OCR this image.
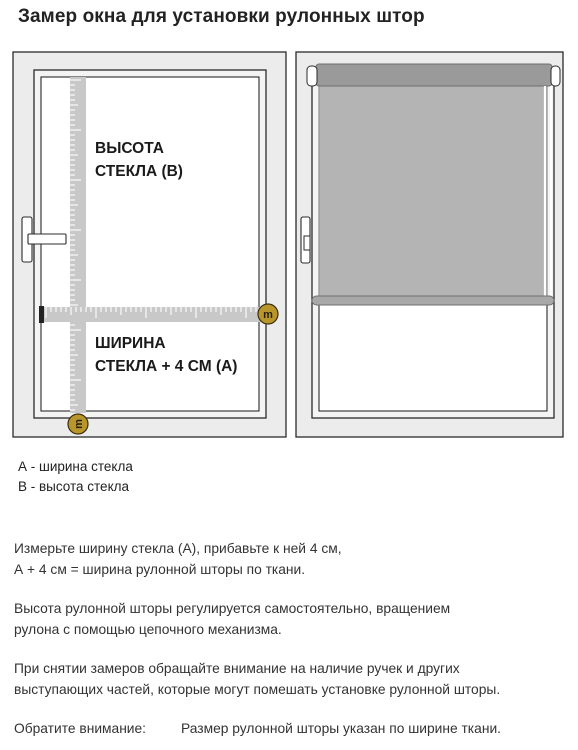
Замер окна для установки рулонных штор
m
m
ВЫСОТА
СТЕКЛА (В)
ШИРИНА
СТЕКЛА + 4 СМ (А)
А - ширина стекла
В - высота стекла
Измерьте ширину стекла (А), прибавьте к ней 4 см,
А + 4 см = ширина рулонной шторы по ткани.
Высота рулонной шторы регулируется самостоятельно, вращением
рулона с помощью цепочного механизма.
При снятии замеров обращайте внимание на наличие ручек и других
выступающих частей, которые могут помешать установке рулонной шторы.
Обратите внимание:	Размер рулонной шторы указан по ширине ткани.
